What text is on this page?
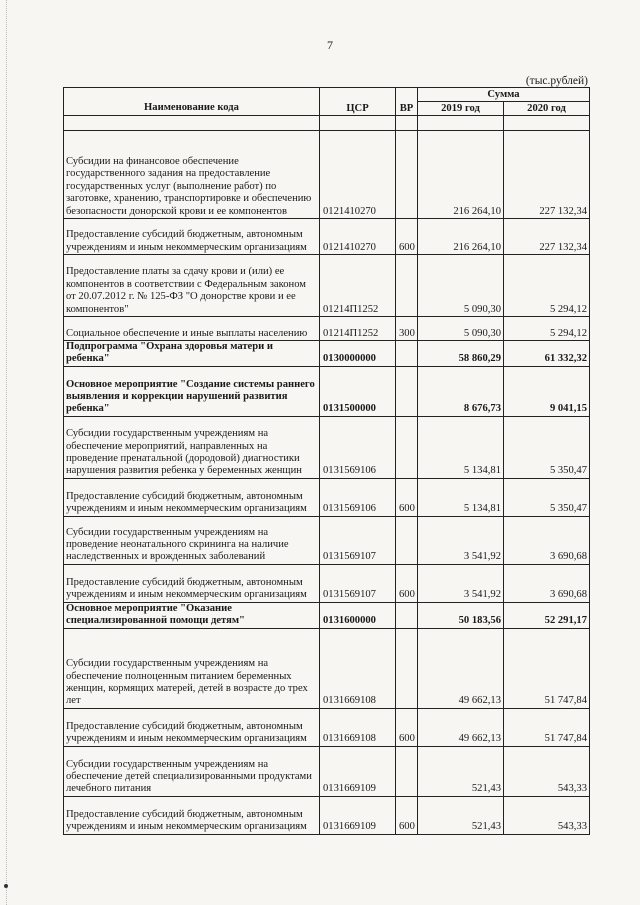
7
(тыс.рублей)
Наименование кода	ЦСР	ВР	Сумма	
			2019 год	2020 год

Субсидии на финансовое обеспечение государственного задания на предоставление государственных услуг (выполнение работ) по заготовке, хранению, транспортировке и обеспечению безопасности донорской крови и ее компонентов	0121410270		216 264,10	227 132,34
Предоставление субсидий бюджетным, автономным учреждениям и иным некоммерческим организациям	0121410270	600	216 264,10	227 132,34
Предоставление платы за сдачу крови и (или) ее компонентов в соответствии с Федеральным законом от 20.07.2012 г. № 125-ФЗ "О донорстве крови и ее компонентов"	01214П1252		5 090,30	5 294,12
Социальное обеспечение и иные выплаты населению	01214П1252	300	5 090,30	5 294,12
Подпрограмма "Охрана здоровья матери и ребенка"	0130000000		58 860,29	61 332,32
Основное мероприятие "Создание системы раннего выявления и коррекции нарушений развития ребенка"	0131500000		8 676,73	9 041,15
Субсидии государственным учреждениям на обеспечение мероприятий, направленных на проведение пренатальной (дородовой) диагностики нарушения развития ребенка у беременных женщин	0131569106		5 134,81	5 350,47
Предоставление субсидий бюджетным, автономным учреждениям и иным некоммерческим организациям	0131569106	600	5 134,81	5 350,47
Субсидии государственным учреждениям на проведение неонатального скрининга на наличие наследственных и врожденных заболеваний	0131569107		3 541,92	3 690,68
Предоставление субсидий бюджетным, автономным учреждениям и иным некоммерческим организациям	0131569107	600	3 541,92	3 690,68
Основное мероприятие "Оказание специализированной помощи детям"	0131600000		50 183,56	52 291,17
Субсидии государственным учреждениям на обеспечение полноценным питанием беременных женщин, кормящих матерей, детей в возрасте до трех лет	0131669108		49 662,13	51 747,84
Предоставление субсидий бюджетным, автономным учреждениям и иным некоммерческим организациям	0131669108	600	49 662,13	51 747,84
Субсидии государственным учреждениям на обеспечение детей специализированными продуктами лечебного питания	0131669109		521,43	543,33
Предоставление субсидий бюджетным, автономным учреждениям и иным некоммерческим организациям	0131669109	600	521,43	543,33
